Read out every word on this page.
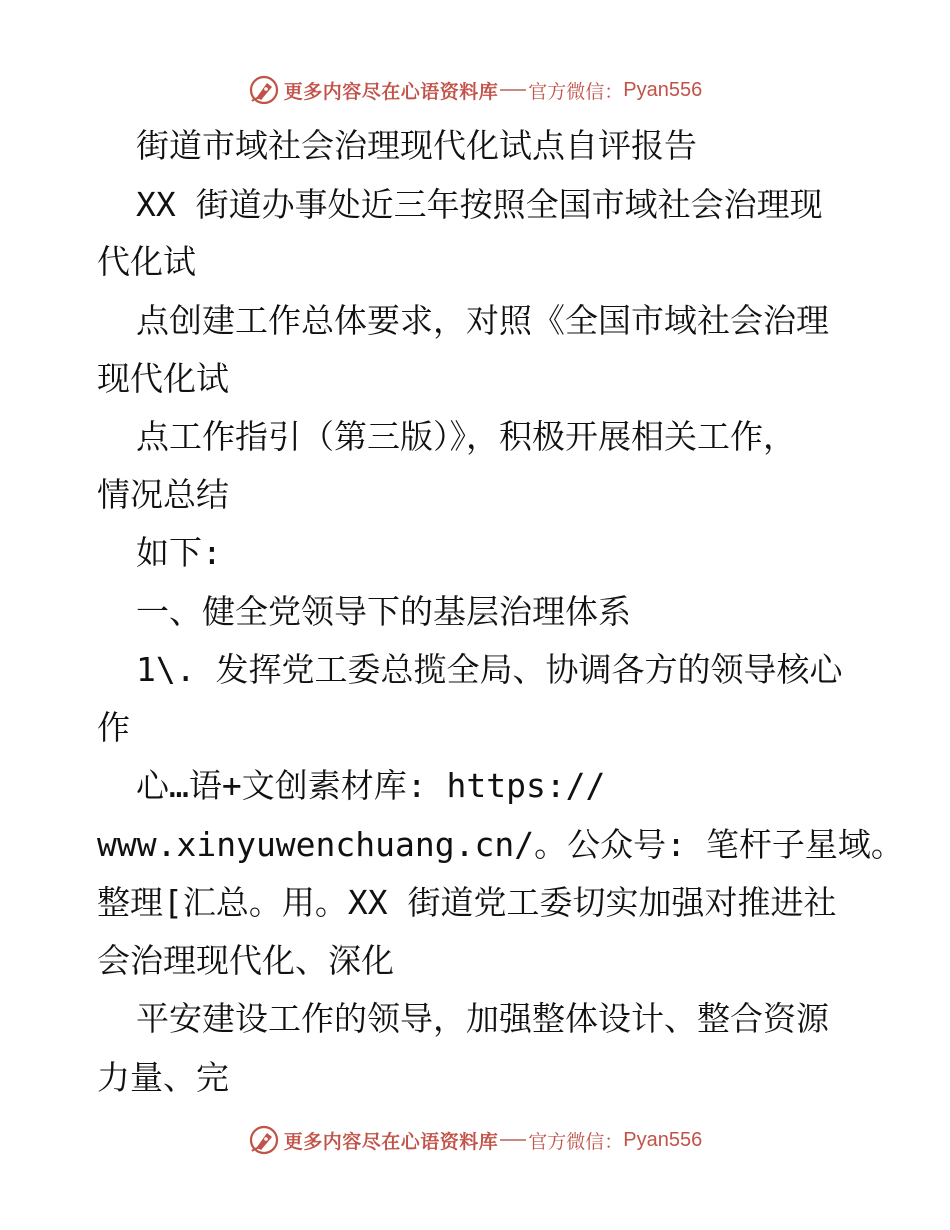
更多内容尽在心语资料库 官方微信： Pyan556
街道市域社会治理现代化试点自评报告
XX 街道办事处近三年按照全国市域社会治理现
代化试
点创建工作总体要求，对照《全国市域社会治理
现代化试
点工作指引（第三版）》，积极开展相关工作，
情况总结
如下:
一、健全党领导下的基层治理体系
1\. 发挥党工委总揽全局、协调各方的领导核心
作
心…语+文创素材库: https://
www.xinyuwenchuang.cn/。公众号: 笔杆子星域。
整理[汇总。用。XX 街道党工委切实加强对推进社
会治理现代化、深化
平安建设工作的领导，加强整体设计、整合资源
力量、完
更多内容尽在心语资料库 官方微信： Pyan556
